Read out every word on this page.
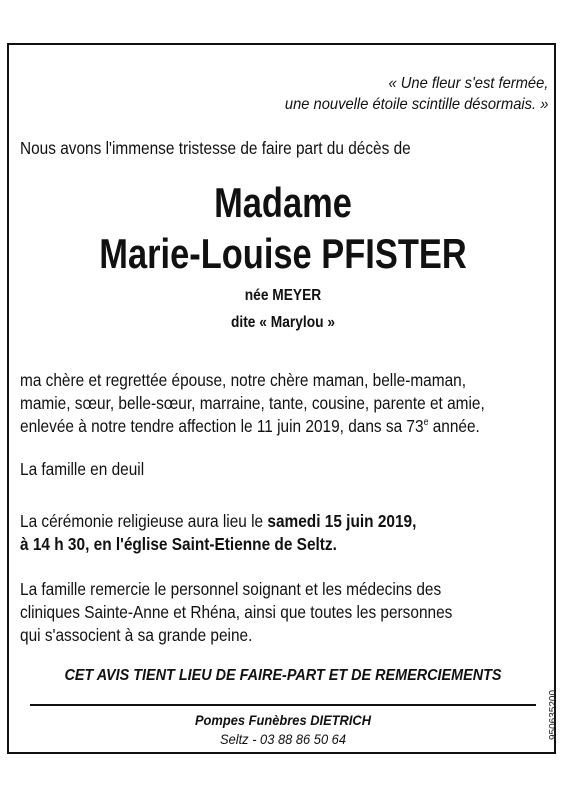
« Une fleur s'est fermée,
une nouvelle étoile scintille désormais. »
Nous avons l'immense tristesse de faire part du décès de
Madame
Marie-Louise PFISTER
née MEYER
dite « Marylou »
ma chère et regrettée épouse, notre chère maman, belle-maman,
mamie, sœur, belle-sœur, marraine, tante, cousine, parente et amie,
enlevée à notre tendre affection le 11 juin 2019, dans sa 73e année.
La famille en deuil
La cérémonie religieuse aura lieu le samedi 15 juin 2019,
à 14 h 30, en l'église Saint-Etienne de Seltz.
La famille remercie le personnel soignant et les médecins des
cliniques Sainte-Anne et Rhéna, ainsi que toutes les personnes
qui s'associent à sa grande peine.
CET AVIS TIENT LIEU DE FAIRE-PART ET DE REMERCIEMENTS
Pompes Funèbres DIETRICH
Seltz - 03 88 86 50 64	950635200
